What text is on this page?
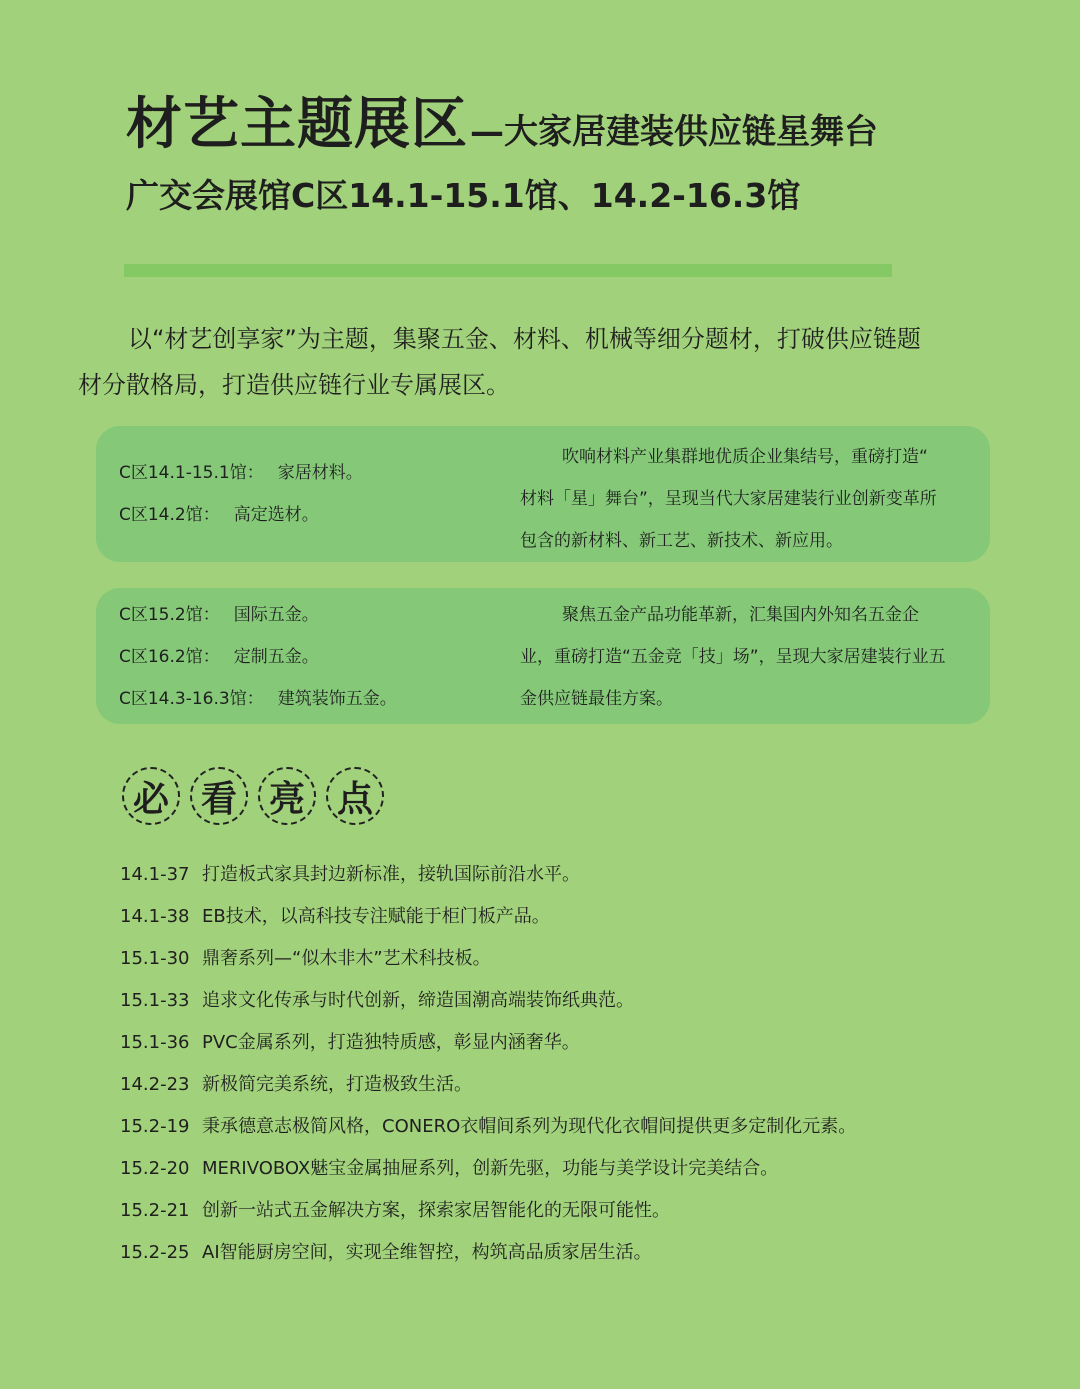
材艺主题展区—大家居建装供应链星舞台
广交会展馆C区14.1-15.1馆、14.2-16.3馆
以“材艺创享家”为主题，集聚五金、材料、机械等细分题材，打破供应链题
材分散格局，打造供应链行业专属展区。
C区14.1-15.1馆： 家居材料。
C区14.2馆： 高定选材。
吹响材料产业集群地优质企业集结号，重磅打造“
材料「星」舞台”，呈现当代大家居建装行业创新变革所
包含的新材料、新工艺、新技术、新应用。
C区15.2馆： 国际五金。
C区16.2馆： 定制五金。
C区14.3-16.3馆： 建筑装饰五金。
聚焦五金产品功能革新，汇集国内外知名五金企
业，重磅打造“五金竞「技」场”，呈现大家居建装行业五
金供应链最佳方案。
必 看 亮 点
14.1-37 打造板式家具封边新标准，接轨国际前沿水平。
14.1-38 EB技术，以高科技专注赋能于柜门板产品。
15.1-30 鼎奢系列—“似木非木”艺术科技板。
15.1-33 追求文化传承与时代创新，缔造国潮高端装饰纸典范。
15.1-36 PVC金属系列，打造独特质感，彰显内涵奢华。
14.2-23 新极简完美系统，打造极致生活。
15.2-19 秉承德意志极简风格，CONERO衣帽间系列为现代化衣帽间提供更多定制化元素。
15.2-20 MERIVOBOX魅宝金属抽屉系列，创新先驱，功能与美学设计完美结合。
15.2-21 创新一站式五金解决方案，探索家居智能化的无限可能性。
15.2-25 AI智能厨房空间，实现全维智控，构筑高品质家居生活。
